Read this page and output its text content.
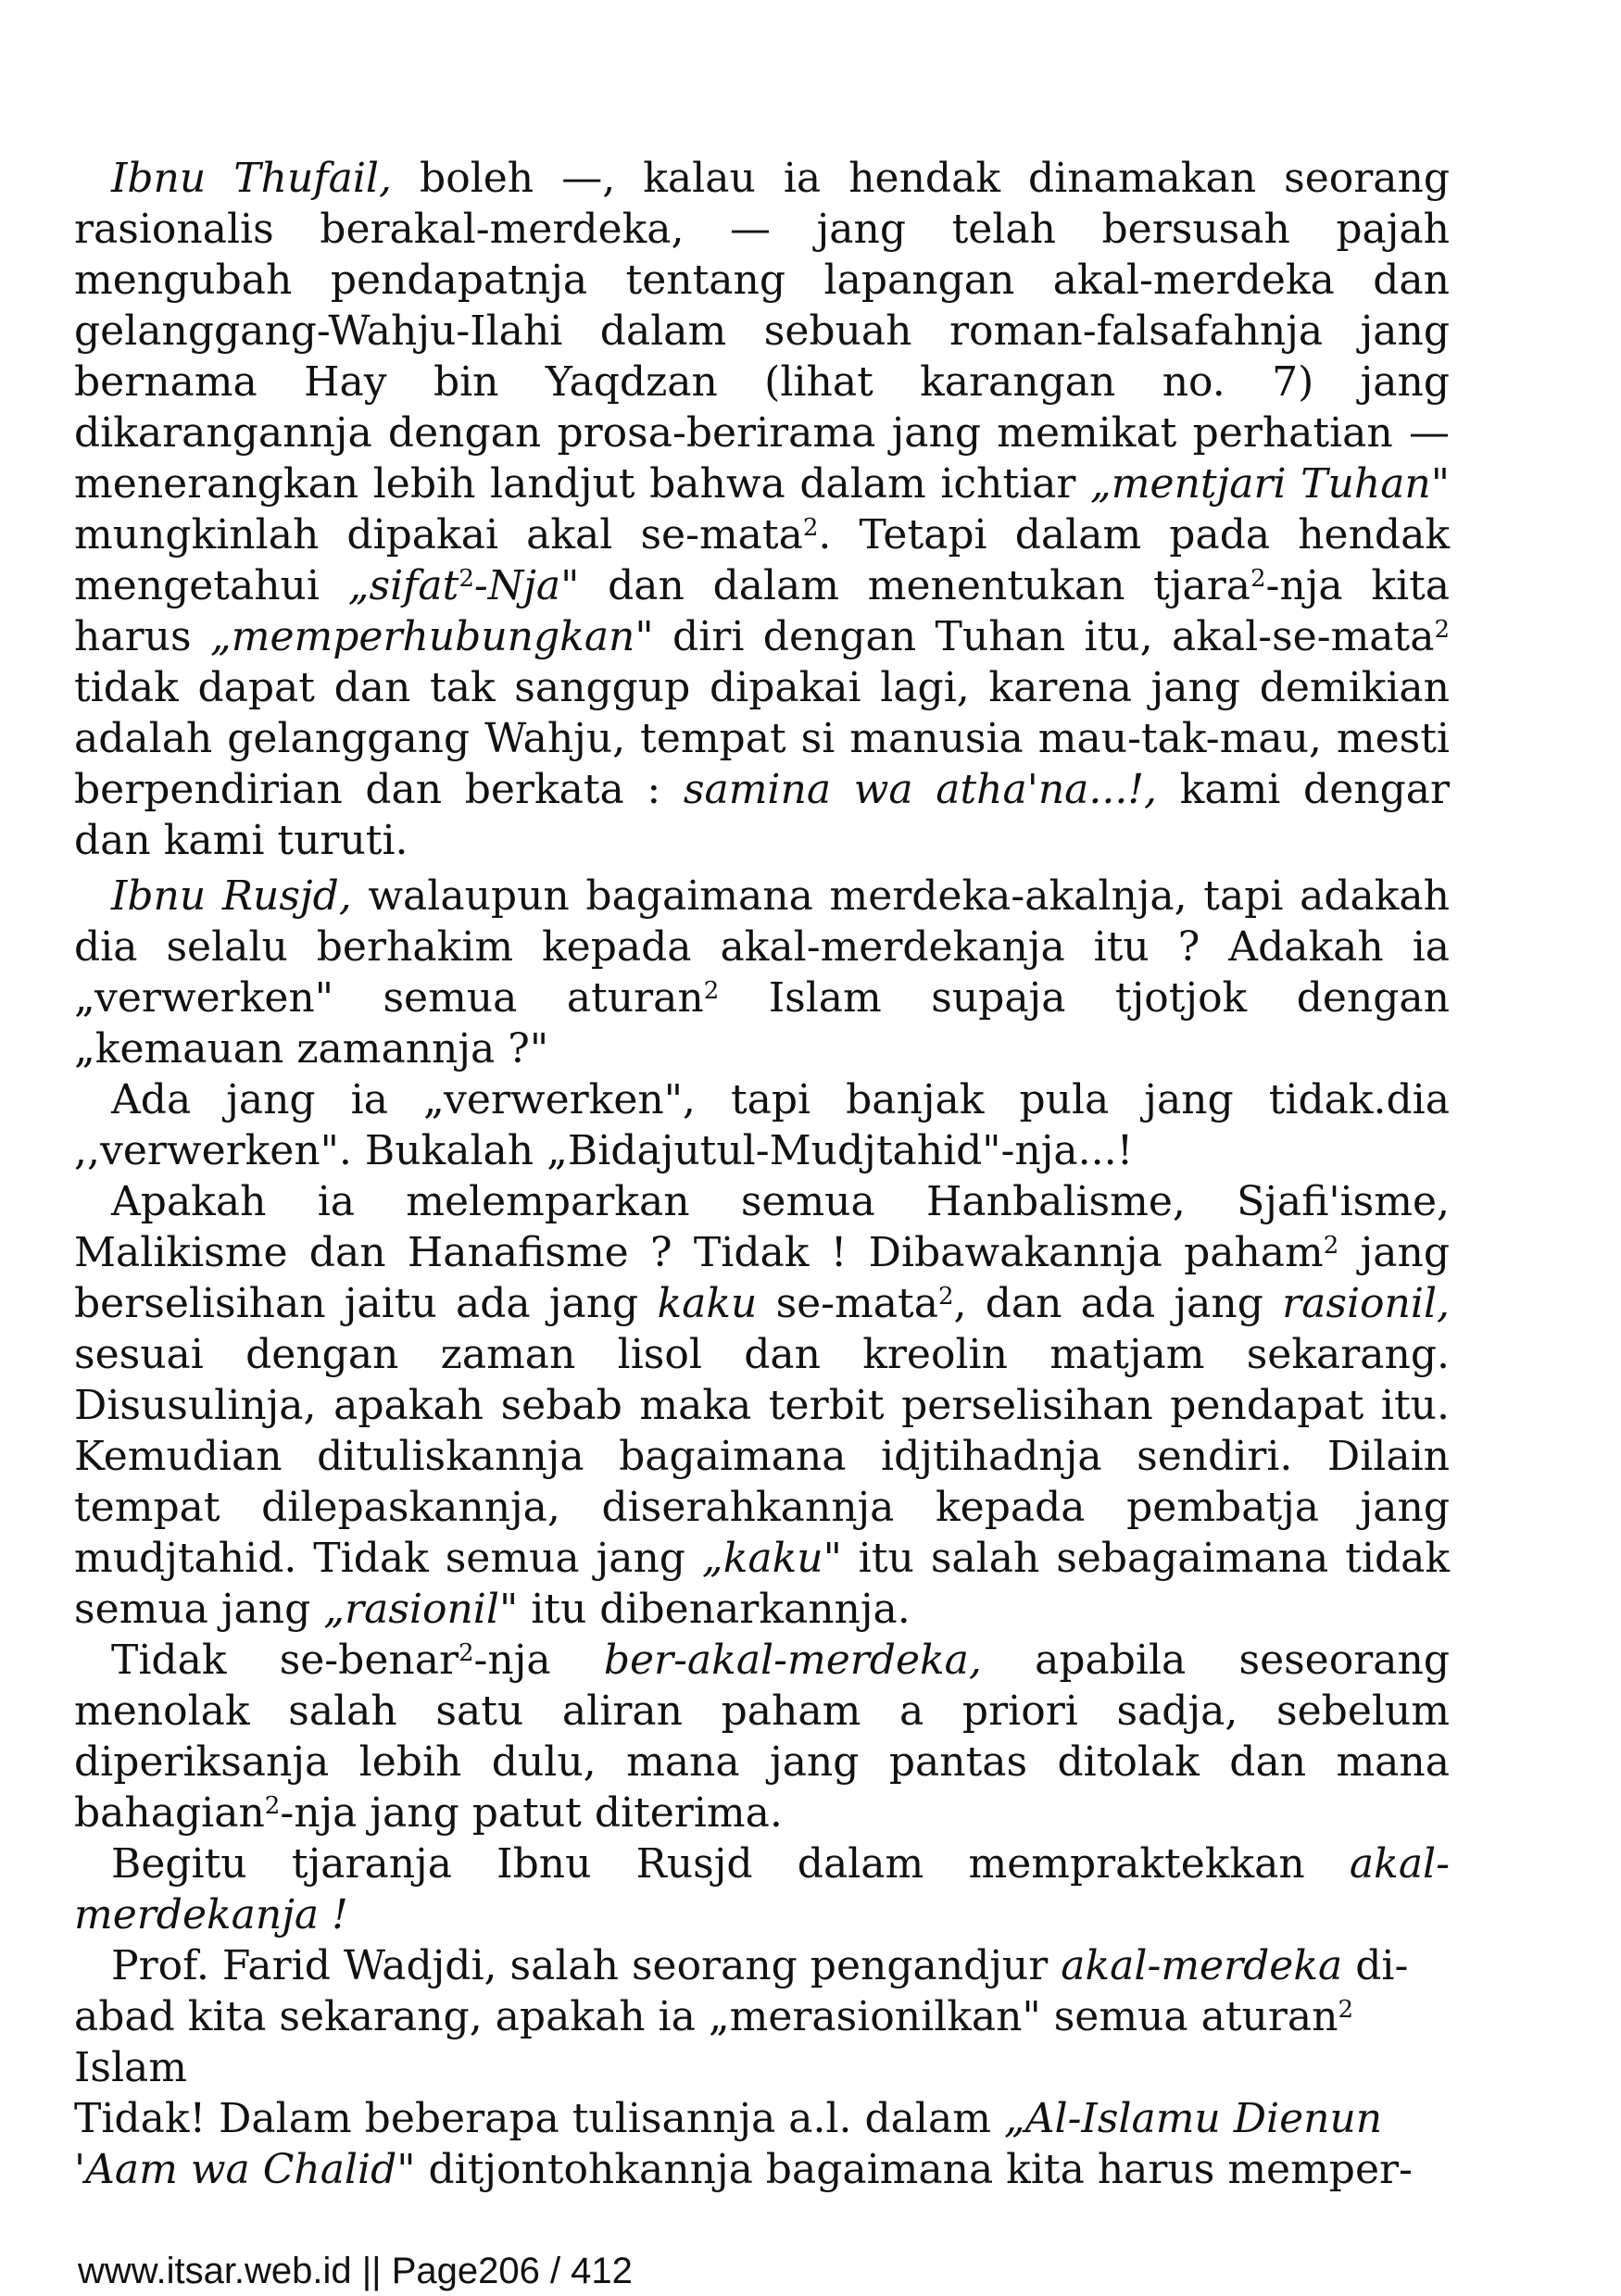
Ibnu Thufail, boleh —, kalau ia hendak dinamakan seorang rasionalis berakal-merdeka, — jang telah bersusah pajah mengubah pendapatnja tentang lapangan akal-merdeka dan gelanggang-Wahju-Ilahi dalam sebuah roman-falsafahnja jang bernama Hay bin Yaqdzan (lihat karangan no. 7) jang dikarangannja dengan prosa-berirama jang memikat perhatian — menerangkan lebih landjut bahwa dalam ichtiar „mentjari Tuhan" mungkinlah dipakai akal se-mata$^2$. Tetapi dalam pada hendak mengetahui „sifat$^2$-Nja" dan dalam menentukan tjara$^2$-nja kita harus „memperhubungkan" diri dengan Tuhan itu, akal-se-mata$^2$ tidak dapat dan tak sanggup dipakai lagi, karena jang demikian adalah gelanggang Wahju, tempat si manusia mau-tak-mau, mesti berpendirian dan berkata : samina wa atha'na...!, kami dengar dan kami turuti.

Ibnu Rusjd, walaupun bagaimana merdeka-akalnja, tapi adakah dia selalu berhakim kepada akal-merdekanja itu ? Adakah ia „verwerken" semua aturan$^2$ Islam supaja tjotjok dengan „kemauan zamannja ?"

Ada jang ia „verwerken", tapi banjak pula jang tidak.dia ,,verwerken". Bukalah „Bidajutul-Mudjtahid"-nja...!

Apakah ia melemparkan semua Hanbalisme, Sjafi'isme, Malikisme dan Hanafisme ? Tidak ! Dibawakannja paham$^2$ jang berselisihan jaitu ada jang kaku se-mata$^2$, dan ada jang rasionil, sesuai dengan zaman lisol dan kreolin matjam sekarang. Disusulinja, apakah sebab maka terbit perselisihan pendapat itu. Kemudian dituliskannja bagaimana idjtihadnja sendiri. Dilain tempat dilepaskannja, diserahkannja kepada pembatja jang mudjtahid. Tidak semua jang „kaku" itu salah sebagaimana tidak semua jang „rasionil" itu dibenarkannja.

Tidak se-benar$^2$-nja ber-akal-merdeka, apabila seseorang menolak salah satu aliran paham a priori sadja, sebelum diperiksanja lebih dulu, mana jang pantas ditolak dan mana bahagian$^2$-nja jang patut diterima.

Begitu tjaranja Ibnu Rusjd dalam mempraktekkan akal-merdekanja !

Prof. Farid Wadjdi, salah seorang pengandjur akal-merdeka di-
abad kita sekarang, apakah ia „merasionilkan" semua aturan$^2$ Islam
Tidak! Dalam beberapa tulisannja a.l. dalam „Al-Islamu Dienun
'Aam wa Chalid" ditjontohkannja bagaimana kita harus memper-

www.itsar.web.id || Page206 / 412
